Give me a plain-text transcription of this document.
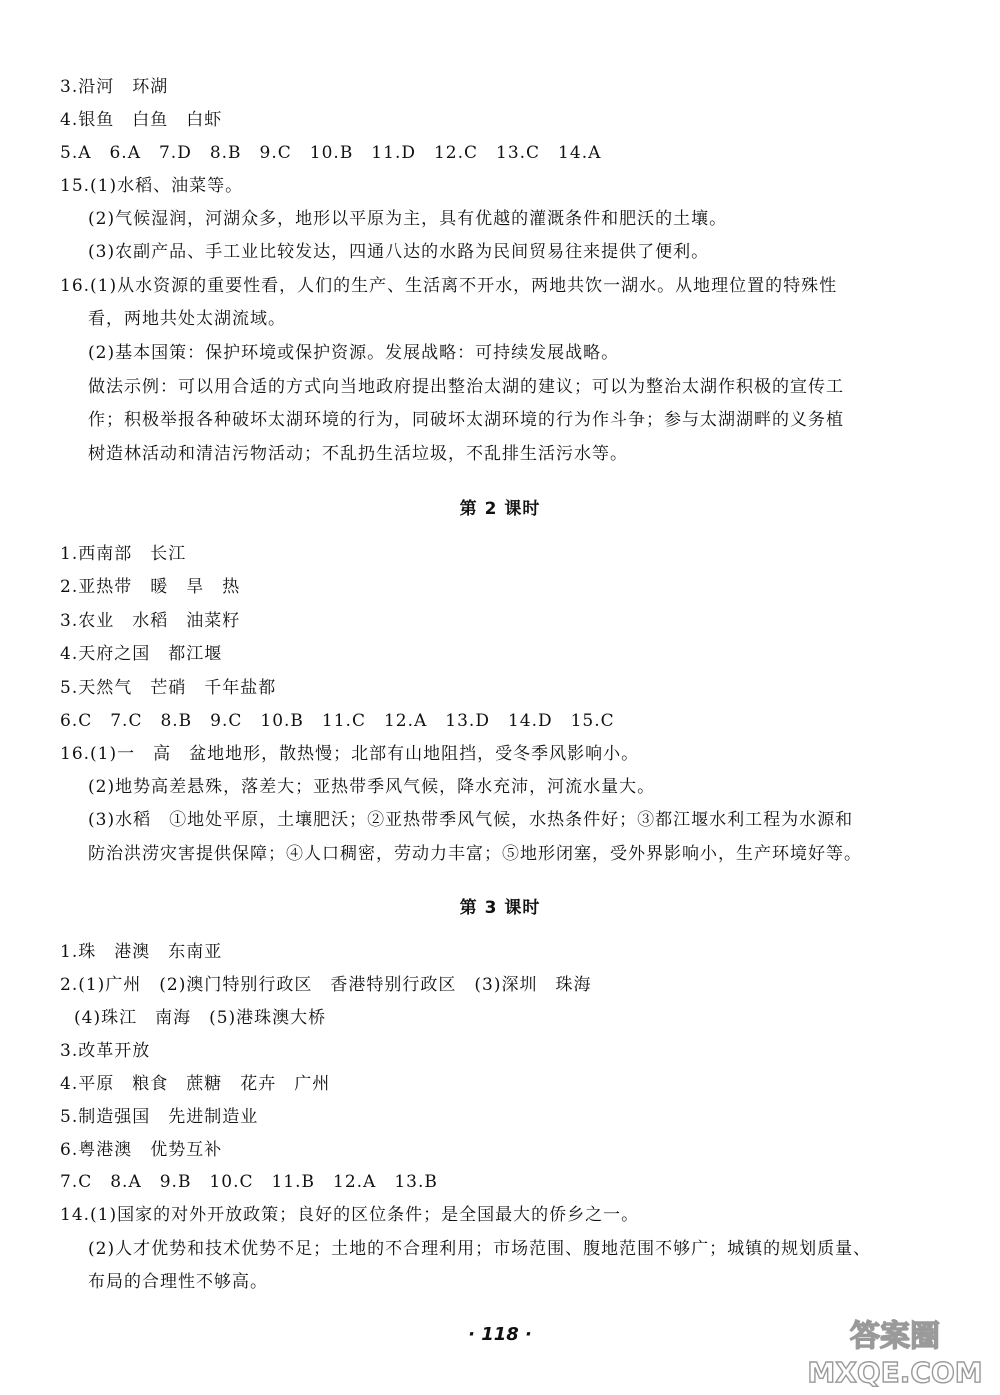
3.沿河　环湖
4.银鱼　白鱼　白虾
5.A　6.A　7.D　8.B　9.C　10.B　11.D　12.C　13.C　14.A
15.(1)水稻、油菜等。
(2)气候湿润，河湖众多，地形以平原为主，具有优越的灌溉条件和肥沃的土壤。
(3)农副产品、手工业比较发达，四通八达的水路为民间贸易往来提供了便利。
16.(1)从水资源的重要性看，人们的生产、生活离不开水，两地共饮一湖水。从地理位置的特殊性
看，两地共处太湖流域。
(2)基本国策：保护环境或保护资源。发展战略：可持续发展战略。
做法示例：可以用合适的方式向当地政府提出整治太湖的建议；可以为整治太湖作积极的宣传工
作；积极举报各种破坏太湖环境的行为，同破坏太湖环境的行为作斗争；参与太湖湖畔的义务植
树造林活动和清洁污物活动；不乱扔生活垃圾，不乱排生活污水等。
第 2 课时
1.西南部　长江
2.亚热带　暖　旱　热
3.农业　水稻　油菜籽
4.天府之国　都江堰
5.天然气　芒硝　千年盐都
6.C　7.C　8.B　9.C　10.B　11.C　12.A　13.D　14.D　15.C
16.(1)一　高　盆地地形，散热慢；北部有山地阻挡，受冬季风影响小。
(2)地势高差悬殊，落差大；亚热带季风气候，降水充沛，河流水量大。
(3)水稻　①地处平原，土壤肥沃；②亚热带季风气候，水热条件好；③都江堰水利工程为水源和
防治洪涝灾害提供保障；④人口稠密，劳动力丰富；⑤地形闭塞，受外界影响小，生产环境好等。
第 3 课时
1.珠　港澳　东南亚
2.(1)广州　(2)澳门特别行政区　香港特别行政区　(3)深圳　珠海
(4)珠江　南海　(5)港珠澳大桥
3.改革开放
4.平原　粮食　蔗糖　花卉　广州
5.制造强国　先进制造业
6.粤港澳　优势互补
7.C　8.A　9.B　10.C　11.B　12.A　13.B
14.(1)国家的对外开放政策；良好的区位条件；是全国最大的侨乡之一。
(2)人才优势和技术优势不足；土地的不合理利用；市场范围、腹地范围不够广；城镇的规划质量、
布局的合理性不够高。
· 118 ·	答案圈
MXQE.COM
